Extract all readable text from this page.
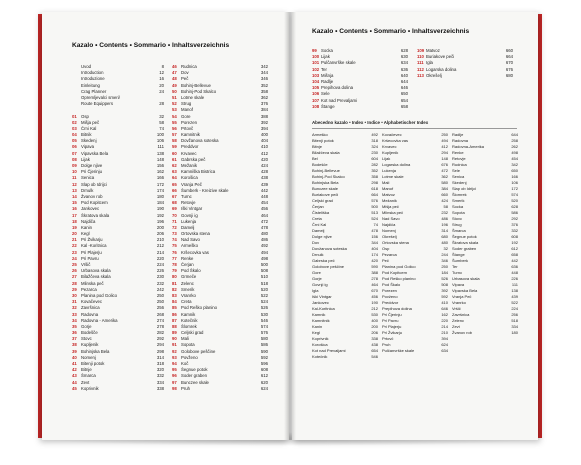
Kazalo • Contents • Sommario • Inhaltsverzeichnis
Uvod	8
Introduction	12
Introduzione	16
Einleitung	20
Crag Planner	24
Opremljevalci smeri/
Route Equippers	28
01 Osp	32
02 Mišja peč	58
03 Črni Kal	74
04 Bitnik	100
05 Skedenj	106
06 Vipava	111
07 Vipavska Bela	138
08 Lijak	148
09 Dolge njive	156
10 Pri Čjerinju	162
11 Senica	166
12 Slap ob Idrijci	172
13 Drnulk	174
14 Žvanov rob	180
15 Pod Kopitcem	184
16 Jankovec	190
17 Škratova skala	192
18 Najdiča	196
19 Kanin	200
20 Kegl	206
21 Pri Žvikarju	210
22 Kal -Koritnica	212
23 Pri Plajerju	214
24 Pri Pavru	220
25 Vršič	224
26 Urbasova skala	226
27 Bilažčeva skala	230
28 Mlinska peč	232
29 Pezarca	242
30 Planina pod Golico	250
31 Kovačevec	250
32 Završnica	256
33 Radovna	268
34 Radovna - Amerika	274
35 Gorje	278
36 Bodešče	282
37 Stovc	292
38 Kupljenik	294
39 Bohinjska Bela	298
40 Nomenj	314
41 Bitenji potok	318
42 Bitnje	320
43 Šmarca	332
44 Zevt	334
45 Koprivnik	338
46 Rudnica	342
47 Dov	344
48 Peč	346
49 Bohinj-Bellevue	352
50 Bohinj-Pod Skalco	358
51 Lotme skale	362
52 Strug	376
53 Manof	384
54 Gore	388
55 Porezen	392
56 Prtovč	394
57 Kamnitnik	400
58 Dovžanova soteska	404
59 Preddvor	410
60 Krvavec	412
61 Gabrska peč	420
62 Mežanik	424
63 Kamniška Bistrica	428
64 Korošica	438
65 Vranja Peč	439
66 Šumberk - Kreizive skale	442
67 Turnc	448
68 Retovje	454
69 Iški Vintgar	456
70 Govnji ig	464
71 Lukenja	472
72 Damelj	478
73 Ortovska stena	480
74 Nad Savo	486
75 Armeško	492
76 Kršecovka vas	494
77 Renke	498
78 Čerjan	500
79 Pod Škalo	508
80 Grmeče	510
81 Zelenc	518
82 Smerik	520
83 Vranrko	522
84 Creta	524
85 Pod Reško planino	526
86 Kamnik	530
87 Kotečnik	546
88 Šlomrek	574
89 Celjski grad	576
90 Mali	580
91 Sopota	586
92 Golobove peščine	590
93 Povženo	592
94 Koč	596
95 Šegnue potok	608
96 Soder graben	612
97 Bunczee skale	620
98 Pruh	624
Kazalo • Contents • Sommario • Inhaltsverzeichnis
99 Socka	628
100 Lijak	630
101 Pulčanvrške skale	634
102 Ter	636
103 Mišnja	640
104 Radlje	644
105 Prepihova dolina	646
106 Sele	650
107 Kot nad Prevaljami	654
108 Štange	658
109 Matvoz	660
110 Buriakove peči	664
111 Igla	670
112 Logarska dolina	676
113 Okrešelj	680
Abecedno kazalo • Index • Indice • Alphabetischer Index
Armeško	492
Bitenji potok	318
Bitnje	324
Bilažčeva skala	230
Bel	604
Bodešče	282
Bohinj-Bellevue	352
Bohinj-Pod Skalco	358
Bohinjska Bela	298
Bunczee skale	618
Buriakove peči	664
Celjski grad	576
Čerjan	500
Čisteliška	513
Creta	524
Črni Kal	74
Damelj	478
Dolge njive	156
Dov	344
Dovžanova soteska	404
Drnulk	174
Gabrska peč	420
Golobove peščine	590
Gore	388
Gorje	278
Govnji ig	464
Igla	670
Iški Vintgar	456
Jankovec	190
Kal-Koritnica	212
Kamnik	530
Kamnitnik	400
Kanin	200
Kegl	206
Koprivnik	338
Korošica	438
Kot nad Prevaljami	654
Kotečnik	546
Kovačevec	250
Kršecovka vas	494
Krvavec	412
Kupljenik	294
Lijak	148
Logarska dolina	676
Lukenja	472
Lotme skale	362
Mali	580
Manof	384
Matvoz	660
Mežanik	424
Mišja peč	58
Mlinska peč	232
Nad Savo	486
Najdiča	196
Nomenj	314
Okrešelj	680
Ortovska stena	480
Osp	32
Pezarca	244
Peč	346
Planina pod Golico	250
Pod Kopitcem	184
Pod Reško planino	526
Pod Škalo	508
Porezen	392
Povženo	592
Preddvor	410
Prepihova dolina	646
Pri Čjerinju	162
Pri Pavru	220
Pri Plajerju	214
Pri Žvikarju	210
Prtovč	394
Pruh	624
Pulčanvrške skale	634
Radlje	644
Radovna	258
Radovna-Amerika	262
Renke	498
Retovje	454
Rudnica	342
Sele	650
Senica	166
Skedenj	106
Slap ob Idrijci	172
Šlomrek	574
Smerik	520
Socka	628
Sopota	586
Stovc	292
Strug	376
Šmarca	332
Šegnue potok	608
Škratova skala	192
Soder graben	612
Štange	658
Šumberk	442
Ter	636
Turnc	448
Urbasova skala	226
Vipava	111
Vipavska Bela	138
Vranja Peč	439
Vranrko	522
Vršič	224
Završnica	256
Zelenc	518
Zevt	334
Žvanov rob	180
